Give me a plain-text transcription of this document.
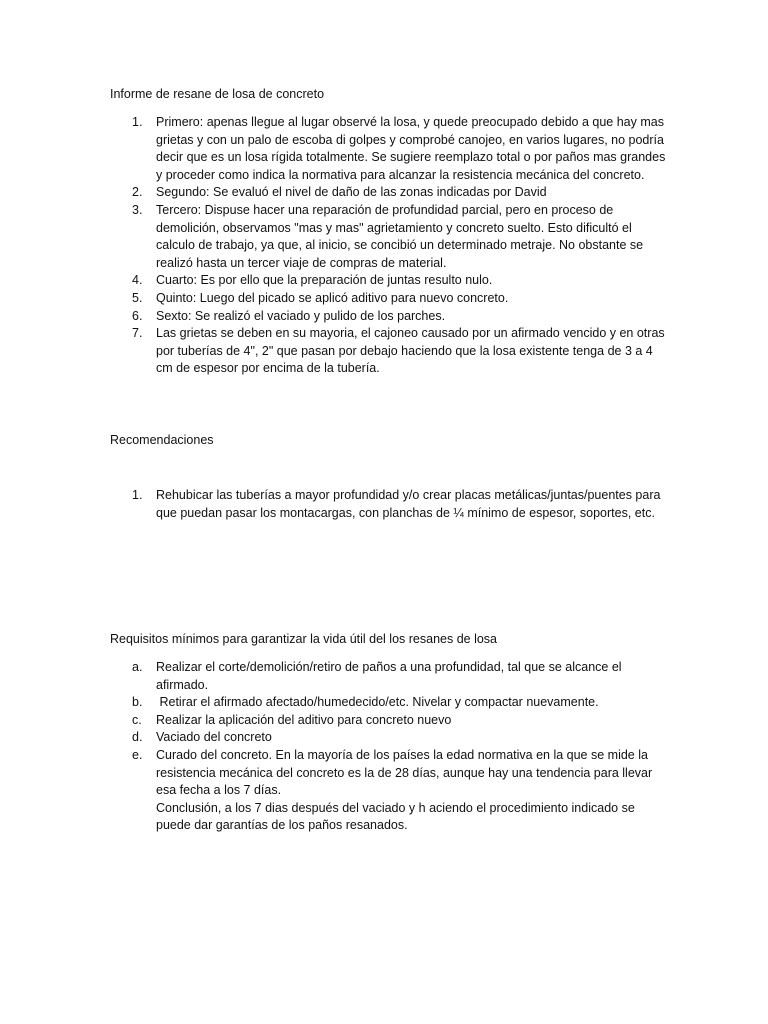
Informe de resane de losa de concreto
1. Primero: apenas llegue al lugar observé la losa, y quede preocupado debido a que hay mas grietas y con un palo de escoba di golpes y comprobé canojeo, en varios lugares, no podría decir que es un losa rígida totalmente. Se sugiere reemplazo total o por paños mas grandes y proceder como indica la normativa para alcanzar la resistencia mecánica del concreto.
2. Segundo: Se evaluó el nivel de daño de las zonas indicadas por David
3. Tercero: Dispuse hacer una reparación de profundidad parcial, pero en proceso de demolición, observamos "mas y mas" agrietamiento y concreto suelto. Esto dificultó el calculo de trabajo, ya que, al inicio, se concibió un determinado metraje. No obstante se realizó hasta un tercer viaje de compras de material.
4. Cuarto: Es por ello que la preparación de juntas resulto nulo.
5. Quinto: Luego del picado se aplicó aditivo para nuevo concreto.
6. Sexto: Se realizó el vaciado y pulido de los parches.
7. Las grietas se deben en su mayoria, el cajoneo causado por un afirmado vencido y en otras por tuberías de 4", 2" que pasan por debajo haciendo que la losa existente tenga de 3 a 4 cm de espesor por encima de la tubería.
Recomendaciones
1. Rehubicar las tuberías a mayor profundidad y/o crear placas metálicas/juntas/puentes para que puedan pasar los montacargas, con planchas de ¼ mínimo de espesor, soportes, etc.
Requisitos mínimos para garantizar la vida útil del los resanes de losa
a. Realizar el corte/demolición/retiro de paños a una profundidad, tal que se alcance el afirmado.
b. Retirar el afirmado afectado/humedecido/etc. Nivelar y compactar nuevamente.
c. Realizar la aplicación del aditivo para concreto nuevo
d. Vaciado del concreto
e. Curado del concreto. En la mayoría de los países la edad normativa en la que se mide la resistencia mecánica del concreto es la de 28 días, aunque hay una tendencia para llevar esa fecha a los 7 días.
Conclusión, a los 7 dias después del vaciado y h aciendo el procedimiento indicado se puede dar garantías de los paños resanados.
